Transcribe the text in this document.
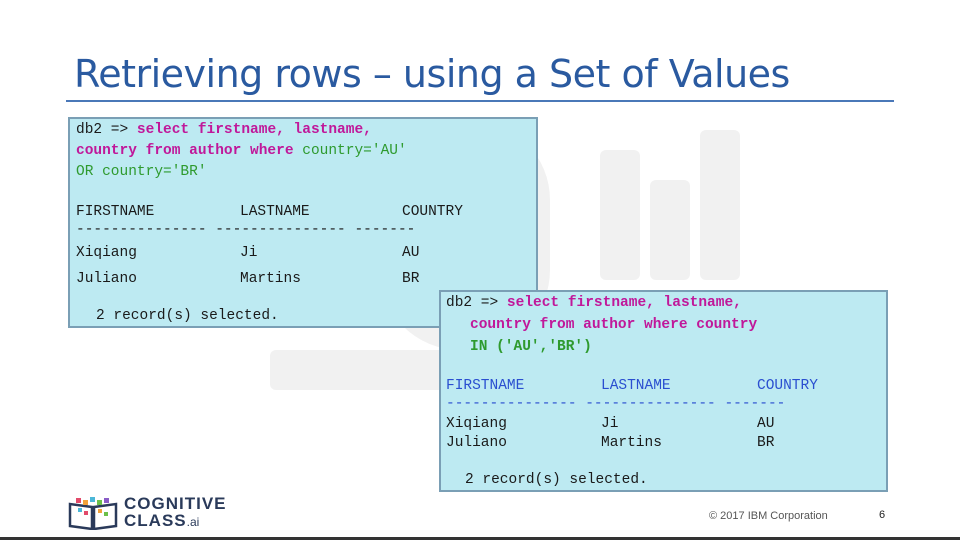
Retrieving rows – using a Set of Values
db2 => select firstname, lastname,
country from author where country='AU'
OR country='BR'
FIRSTNAME	LASTNAME	COUNTRY
--------------- --------------- -------
Xiqiang	Ji	AU
Juliano	Martins	BR
2 record(s) selected.
db2 => select firstname, lastname,
country from author where country
IN ('AU','BR')
FIRSTNAME	LASTNAME	COUNTRY
--------------- --------------- -------
Xiqiang	Ji	AU
Juliano	Martins	BR
2 record(s) selected.
COGNITIVE
CLASS.ai	© 2017 IBM Corporation	6
